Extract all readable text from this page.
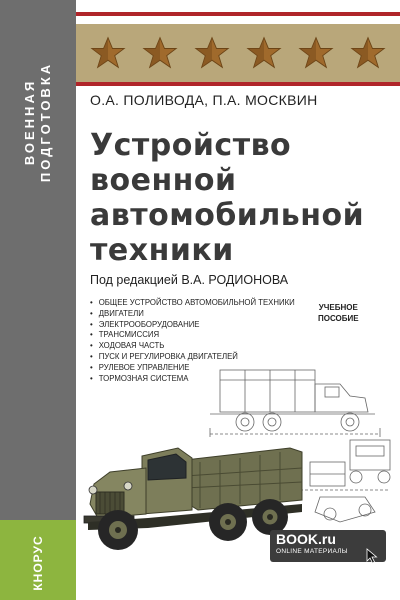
ВОЕННАЯ ПОДГОТОВКА
КНОРУС
О.А. ПОЛИВОДА, П.А. МОСКВИН
Устройство
военной
автомобильной
техники
Под редакцией В.А. РОДИОНОВА
УЧЕБНОЕ
ПОСОБИЕ
• ОБЩЕЕ УСТРОЙСТВО АВТОМОБИЛЬНОЙ ТЕХНИКИ
• ДВИГАТЕЛИ
• ЭЛЕКТРООБОРУДОВАНИЕ
• ТРАНСМИССИЯ
• ХОДОВАЯ ЧАСТЬ
• ПУСК И РЕГУЛИРОВКА ДВИГАТЕЛЕЙ
• РУЛЕВОЕ УПРАВЛЕНИЕ
• ТОРМОЗНАЯ СИСТЕМА
BOOK.ru
ONLINE МАТЕРИАЛЫ
